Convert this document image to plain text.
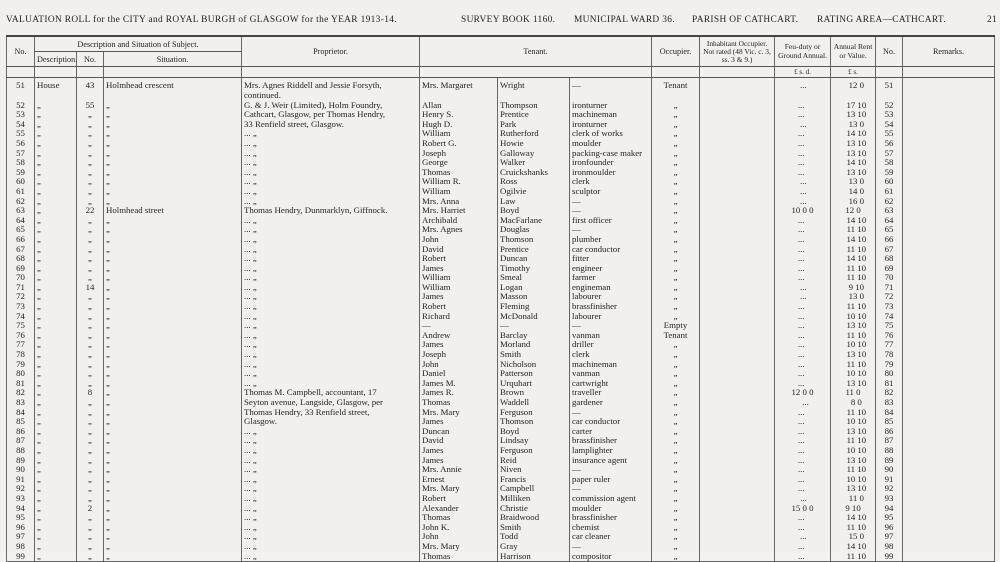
VALUATION ROLL for the CITY and ROYAL BURGH of GLASGOW for the YEAR 1913-14.	SURVEY BOOK 1160. MUNICIPAL WARD 36. PARISH OF CATHCART. RATING AREA—CATHCART.	21
No.	Description and Situation of Subject.			Proprietor.	Tenant.			Occupier.	Inhabitant Occupier. Not rated (48 Vic. c. 3, ss. 3 & 9.)	Feu-duty or Ground Annual.	Annual Rent or Value.	No.	Remarks.
	Description.	No.	Situation.										
										£ s. d.	£ s.		
51	House	43	Holmhead crescent	Mrs. Agnes Riddell and Jessie Forsyth,	Mrs. Margaret	Wright	—	Tenant			... 12 0	51	
				continued.									
52	„	55	„	G. & J. Weir (Limited), Holm Foundry,	Allan	Thompson	ironturner	„			... 17 10	52	
53	„	„	„	Cathcart, Glasgow, per Thomas Hendry,	Henry S.	Prentice	machineman	„			... 13 10	53	
54	„	„	„	33 Renfield street, Glasgow.	Hugh D.	Park	ironturner	„			... 13 0	54	
55	„	„	„	... „	William	Rutherford	clerk of works	„			... 14 10	55	
56	„	„	„	... „	Robert G.	Howie	moulder	„			... 13 10	56	
57	„	„	„	... „	Joseph	Galloway	packing-case maker	„			... 13 10	57	
58	„	„	„	... „	George	Walker	ironfounder	„			... 14 10	58	
59	„	„	„	... „	Thomas	Cruickshanks	ironmoulder	„			... 13 10	59	
60	„	„	„	... „	William R.	Ross	clerk	„			... 13 0	60	
61	„	„	„	... „	William	Ogilvie	sculptor	„			... 14 0	61	
62	„	„	„	... „	Mrs. Anna	Law	—	„			... 16 0	62	
63	„	22	Holmhead street	Thomas Hendry, Dunmarklyn, Giffnock.	Mrs. Harriet	Boyd	—	„		10 0 0	12 0	63	
64	„	„	„	... „	Archibald	MacFarlane	first officer	„			... 14 10	64	
65	„	„	„	... „	Mrs. Agnes	Douglas	—	„			... 11 10	65	
66	„	„	„	... „	John	Thomson	plumber	„			... 14 10	66	
67	„	„	„	... „	David	Prentice	car conductor	„			... 11 10	67	
68	„	„	„	... „	Robert	Duncan	fitter	„			... 14 10	68	
69	„	„	„	... „	James	Timothy	engineer	„			... 11 10	69	
70	„	„	„	... „	William	Smeal	farmer	„			... 11 10	70	
71	„	14	„	... „	William	Logan	engineman	„			... 9 10	71	
72	„	„	„	... „	James	Masson	labourer	„			... 13 0	72	
73	„	„	„	... „	Robert	Fleming	brassfinisher	„			... 11 10	73	
74	„	„	„	... „	Richard	McDonald	labourer	„			... 10 10	74	
75	„	„	„	... „	—	—	—	Empty			... 13 10	75	
76	„	„	„	... „	Andrew	Barclay	vanman	Tenant			... 11 10	76	
77	„	„	„	... „	James	Morland	driller	„			... 10 10	77	
78	„	„	„	... „	Joseph	Smith	clerk	„			... 13 10	78	
79	„	„	„	... „	John	Nicholson	machineman	„			... 11 10	79	
80	„	„	„	... „	Daniel	Patterson	vanman	„			... 10 10	80	
81	„	„	„	... „	James M.	Urquhart	cartwright	„			... 13 10	81	
82	„	8	„	Thomas M. Campbell, accountant, 17	James R.	Brown	traveller	„		12 0 0	11 0	82	
83	„	„	„	Seyton avenue, Langside, Glasgow, per	Thomas	Waddell	gardener	„			... 8 0	83	
84	„	„	„	Thomas Hendry, 33 Renfield street,	Mrs. Mary	Ferguson	—	„			... 11 10	84	
85	„	„	„	Glasgow.	James	Thomson	car conductor	„			... 10 10	85	
86	„	„	„	... „	Duncan	Boyd	carter	„			... 13 10	86	
87	„	„	„	... „	David	Lindsay	brassfinisher	„			... 11 10	87	
88	„	„	„	... „	James	Ferguson	lamplighter	„			... 10 10	88	
89	„	„	„	... „	James	Reid	insurance agent	„			... 13 10	89	
90	„	„	„	... „	Mrs. Annie	Niven	—	„			... 11 10	90	
91	„	„	„	... „	Ernest	Francis	paper ruler	„			... 10 10	91	
92	„	„	„	... „	Mrs. Mary	Campbell	—	„			... 13 10	92	
93	„	„	„	... „	Robert	Milliken	commission agent	„			... 11 0	93	
94	„	2	„	... „	Alexander	Christie	moulder	„		15 0 0	9 10	94	
95	„	„	„	... „	Thomas	Braidwood	brassfinisher	„			... 14 10	95	
96	„	„	„	... „	John K.	Smith	chemist	„			... 11 10	96	
97	„	„	„	... „	John	Todd	car cleaner	„			... 15 0	97	
98	„	„	„	... „	Mrs. Mary	Gray	—	„			... 14 10	98	
99	„	„	„	... „	Thomas	Harrison	compositor	„			... 11 10	99	
